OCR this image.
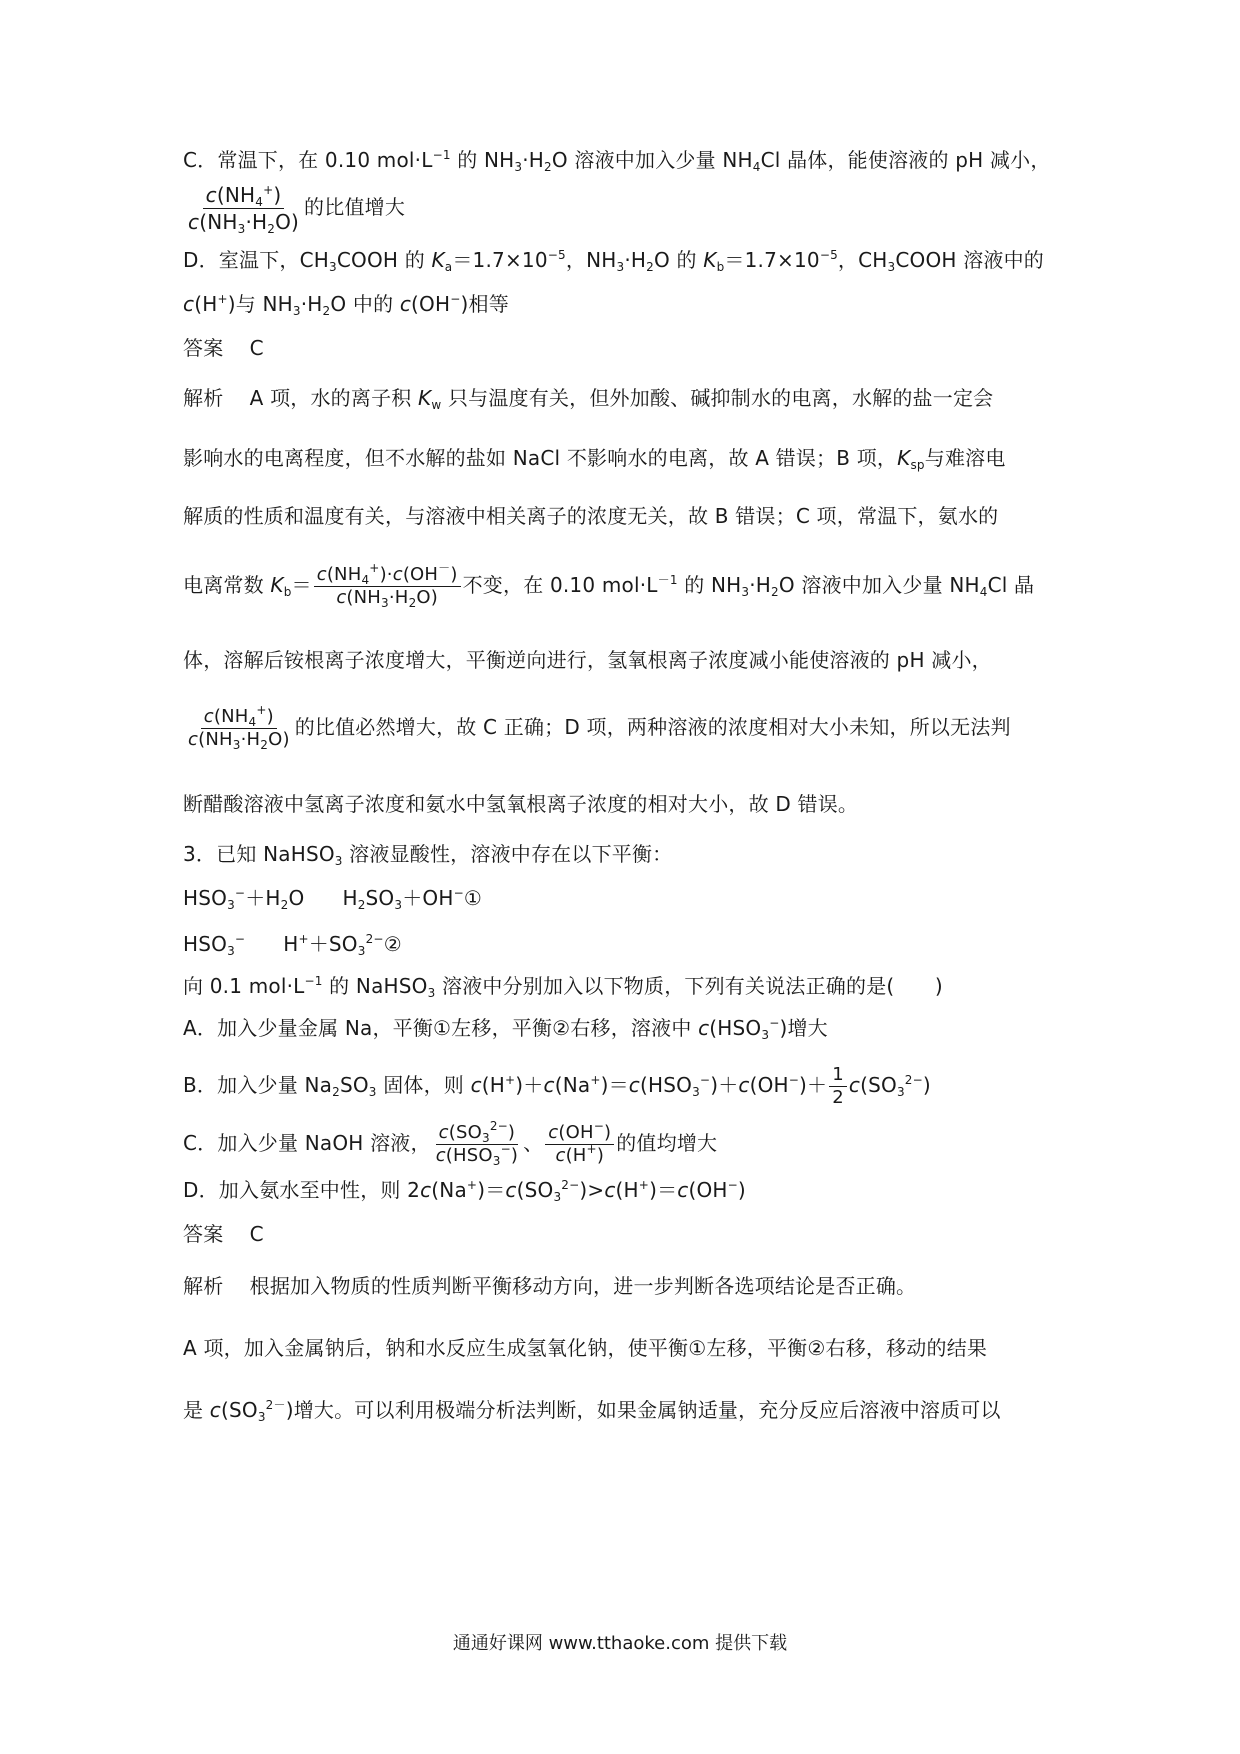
C．常温下，在 0.10 $mol\cdot L^{-1}$ 的 $NH_3\cdot H_2O$ 溶液中加入少量 $NH_4Cl$ 晶体，能使溶液的 pH 减小，
$\frac{c(NH_4^+)}{c(NH_3\cdot H_2O)}$ 的比值增大
D．室温下，$CH_3COOH$ 的 $K_a=1.7\times 10^{-5}$，$NH_3\cdot H_2O$ 的 $K_b=1.7\times 10^{-5}$，$CH_3COOH$ 溶液中的
c(H+)与 $NH_3\cdot H_2O$ 中的 c(OH−)相等
答案 C
解析 A 项，水的离子积 $K_w$ 只与温度有关，但外加酸、碱抑制水的电离，水解的盐一定会
影响水的电离程度，但不水解的盐如 NaCl 不影响水的电离，故 A 错误；B 项，$K_{sp}$与难溶电
解质的性质和温度有关，与溶液中相关离子的浓度无关，故 B 错误；C 项，常温下，氨水的
电离常数 $K_b= \frac{c(NH_4^+)\cdot c(OH^-)}{c(NH_3\cdot H_2O)}$ 不变，在 0.10 $mol\cdot L^{-1}$ 的 $NH_3\cdot H_2O$ 溶液中加入少量 $NH_4Cl$ 晶
体，溶解后铵根离子浓度增大，平衡逆向进行，氢氧根离子浓度减小能使溶液的 pH 减小，
$\frac{c(NH_4^+)}{c(NH_3\cdot H_2O)}$ 的比值必然增大，故 C 正确；D 项，两种溶液的浓度相对大小未知，所以无法判
断醋酸溶液中氢离子浓度和氨水中氢氧根离子浓度的相对大小，故 D 错误。
3．已知 NaHSO$_3$ 溶液显酸性，溶液中存在以下平衡：
$HSO_3^-+H_2O$ $H_2SO_3+OH^-①$
$HSO_3^-$ $H^++SO_3^{2-}②$
向 0.1 $mol\cdot L^{-1}$ 的 NaHSO$_3$ 溶液中分别加入以下物质，下列有关说法正确的是(　　)
A．加入少量金属 Na，平衡①左移，平衡②右移，溶液中 $c(HSO_3^-)$增大
B．加入少量 $Na_2SO_3$ 固体，则 $c(H^+)+c(Na^+)=c(HSO_3^-)+c(OH^-)+ \frac{1}{2} c(SO_3^{2-})$
C．加入少量 NaOH 溶液， $\frac{c(SO_3^{2-})}{c(HSO_3^-)}$ 、 $\frac{c(OH^-)}{c(H^+)}$ 的值均增大
D．加入氨水至中性，则 $2c(Na^+)=c(SO_3^{2-})>c(H^+)=c(OH^-)$
答案 C
解析 根据加入物质的性质判断平衡移动方向，进一步判断各选项结论是否正确。
A 项，加入金属钠后，钠和水反应生成氢氧化钠，使平衡①左移，平衡②右移，移动的结果
是 $c(SO_3^{2-})$增大。可以利用极端分析法判断，如果金属钠适量，充分反应后溶液中溶质可以
通通好课网 www.tthaoke.com 提供下载
